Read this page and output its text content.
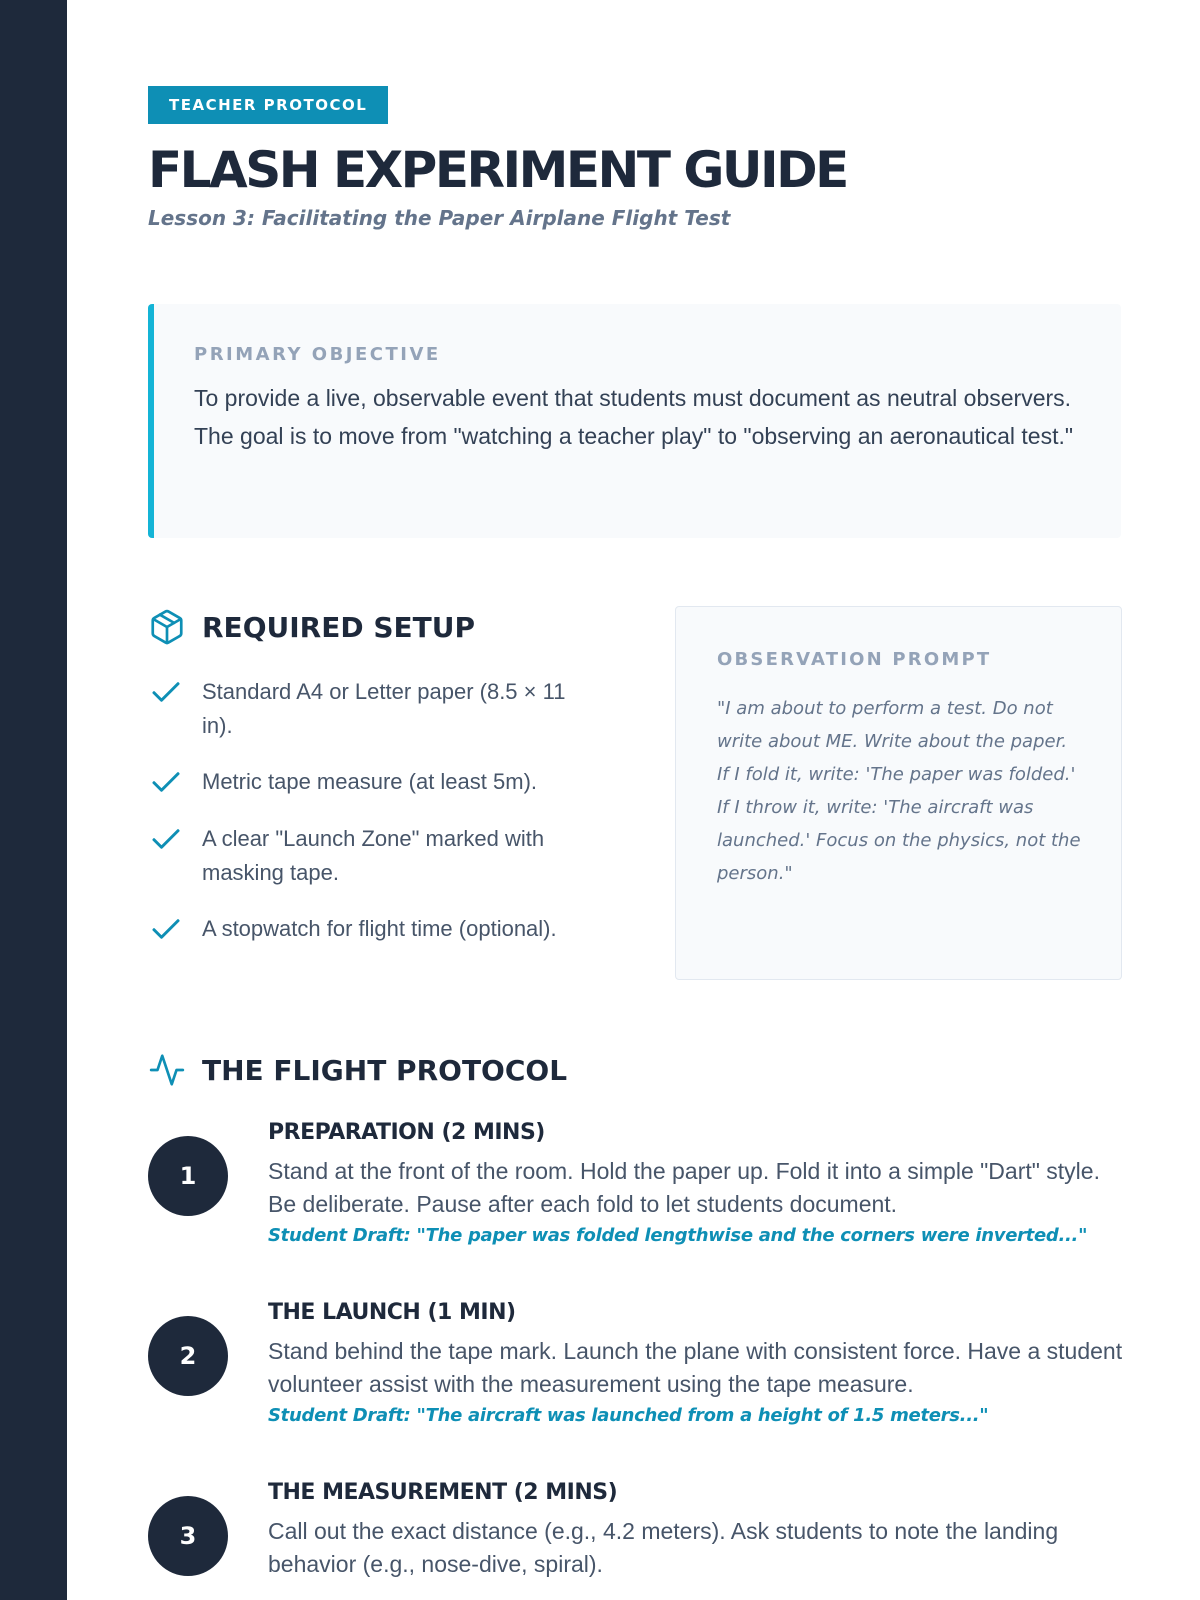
TEACHER PROTOCOL
FLASH EXPERIMENT GUIDE

Lesson 3: Facilitating the Paper Airplane Flight Test

PRIMARY OBJECTIVE

To provide a live, observable event that students must document as neutral observers. The goal is to move from "watching a teacher play" to "observing an aeronautical test."

REQUIRED SETUP
Standard A4 or Letter paper (8.5 × 11 in).
Metric tape measure (at least 5m).
A clear "Launch Zone" marked with masking tape.
A stopwatch for flight time (optional).

OBSERVATION PROMPT

"I am about to perform a test. Do not write about ME. Write about the paper. If I fold it, write: 'The paper was folded.' If I throw it, write: 'The aircraft was launched.' Focus on the physics, not the person."

THE FLIGHT PROTOCOL
1
PREPARATION (2 MINS)

Stand at the front of the room. Hold the paper up. Fold it into a simple "Dart" style. Be deliberate. Pause after each fold to let students document.

Student Draft: "The paper was folded lengthwise and the corners were inverted..."

2
THE LAUNCH (1 MIN)

Stand behind the tape mark. Launch the plane with consistent force. Have a student volunteer assist with the measurement using the tape measure.

Student Draft: "The aircraft was launched from a height of 1.5 meters..."

3
THE MEASUREMENT (2 MINS)

Call out the exact distance (e.g., 4.2 meters). Ask students to note the landing behavior (e.g., nose-dive, spiral).
